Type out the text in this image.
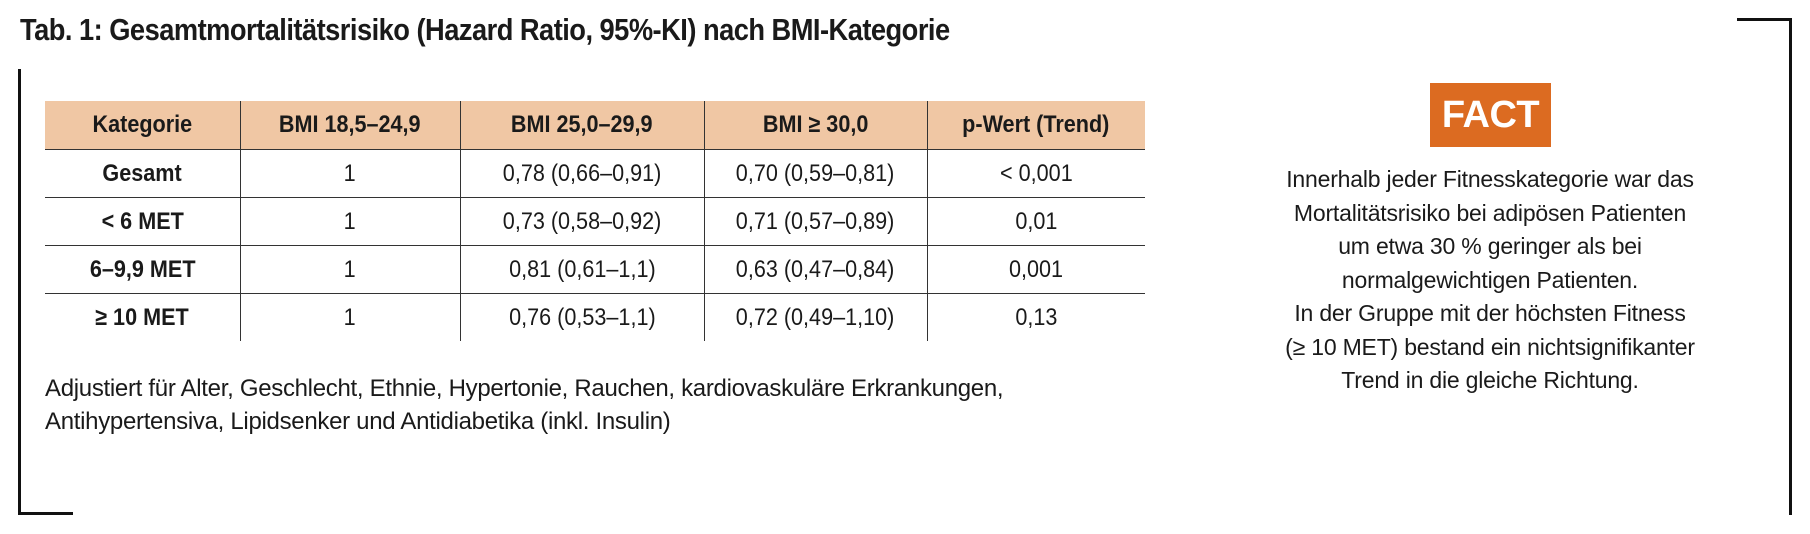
Tab. 1: Gesamtmortalitätsrisiko (Hazard Ratio, 95%-KI) nach BMI-Kategorie
Kategorie	BMI 18,5–24,9	BMI 25,0–29,9	BMI ≥ 30,0	p-Wert (Trend)
Gesamt	1	0,78 (0,66–0,91)	0,70 (0,59–0,81)	< 0,001
< 6 MET	1	0,73 (0,58–0,92)	0,71 (0,57–0,89)	0,01
6–9,9 MET	1	0,81 (0,61–1,1)	0,63 (0,47–0,84)	0,001
≥ 10 MET	1	0,76 (0,53–1,1)	0,72 (0,49–1,10)	0,13
Adjustiert für Alter, Geschlecht, Ethnie, Hypertonie, Rauchen, kardiovaskuläre Erkrankungen,
Antihypertensiva, Lipidsenker und Antidiabetika (inkl. Insulin)
FACT
Innerhalb jeder Fitnesskategorie war das
Mortalitätsrisiko bei adipösen Patienten
um etwa 30 % geringer als bei
normalgewichtigen Patienten.
In der Gruppe mit der höchsten Fitness
(≥ 10 MET) bestand ein nichtsignifikanter
Trend in die gleiche Richtung.
